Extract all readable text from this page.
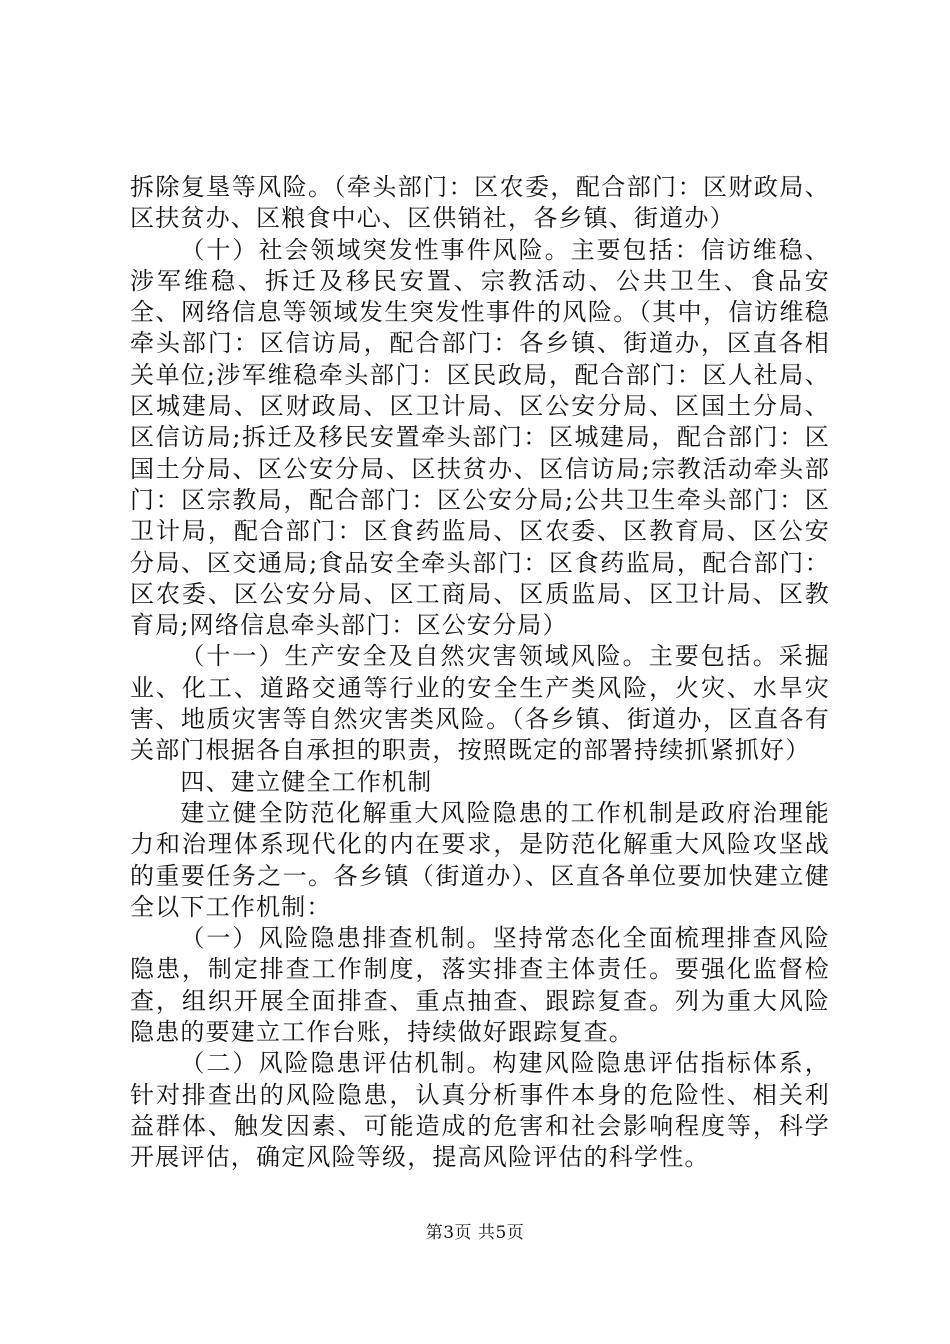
拆除复垦等风险。（牵头部门：区农委，配合部门：区财政局、区扶贫办、区粮食中心、区供销社，各乡镇、街道办）

（十）社会领域突发性事件风险。主要包括：信访维稳、涉军维稳、拆迁及移民安置、宗教活动、公共卫生、食品安全、网络信息等领域发生突发性事件的风险。（其中，信访维稳牵头部门：区信访局，配合部门：各乡镇、街道办，区直各相关单位;涉军维稳牵头部门：区民政局，配合部门：区人社局、区城建局、区财政局、区卫计局、区公安分局、区国土分局、区信访局;拆迁及移民安置牵头部门：区城建局，配合部门：区国土分局、区公安分局、区扶贫办、区信访局;宗教活动牵头部门：区宗教局，配合部门：区公安分局;公共卫生牵头部门：区卫计局，配合部门：区食药监局、区农委、区教育局、区公安分局、区交通局;食品安全牵头部门：区食药监局，配合部门：区农委、区公安分局、区工商局、区质监局、区卫计局、区教育局;网络信息牵头部门：区公安分局）

（十一）生产安全及自然灾害领域风险。主要包括。采掘业、化工、道路交通等行业的安全生产类风险，火灾、水旱灾害、地质灾害等自然灾害类风险。（各乡镇、街道办，区直各有关部门根据各自承担的职责，按照既定的部署持续抓紧抓好）

四、建立健全工作机制

建立健全防范化解重大风险隐患的工作机制是政府治理能力和治理体系现代化的内在要求，是防范化解重大风险攻坚战的重要任务之一。各乡镇（街道办）、区直各单位要加快建立健全以下工作机制：

（一）风险隐患排查机制。坚持常态化全面梳理排查风险隐患，制定排查工作制度，落实排查主体责任。要强化监督检查，组织开展全面排查、重点抽查、跟踪复查。列为重大风险隐患的要建立工作台账，持续做好跟踪复查。

（二）风险隐患评估机制。构建风险隐患评估指标体系，针对排查出的风险隐患，认真分析事件本身的危险性、相关利益群体、触发因素、可能造成的危害和社会影响程度等，科学开展评估，确定风险等级，提高风险评估的科学性。

第3页 共5页
